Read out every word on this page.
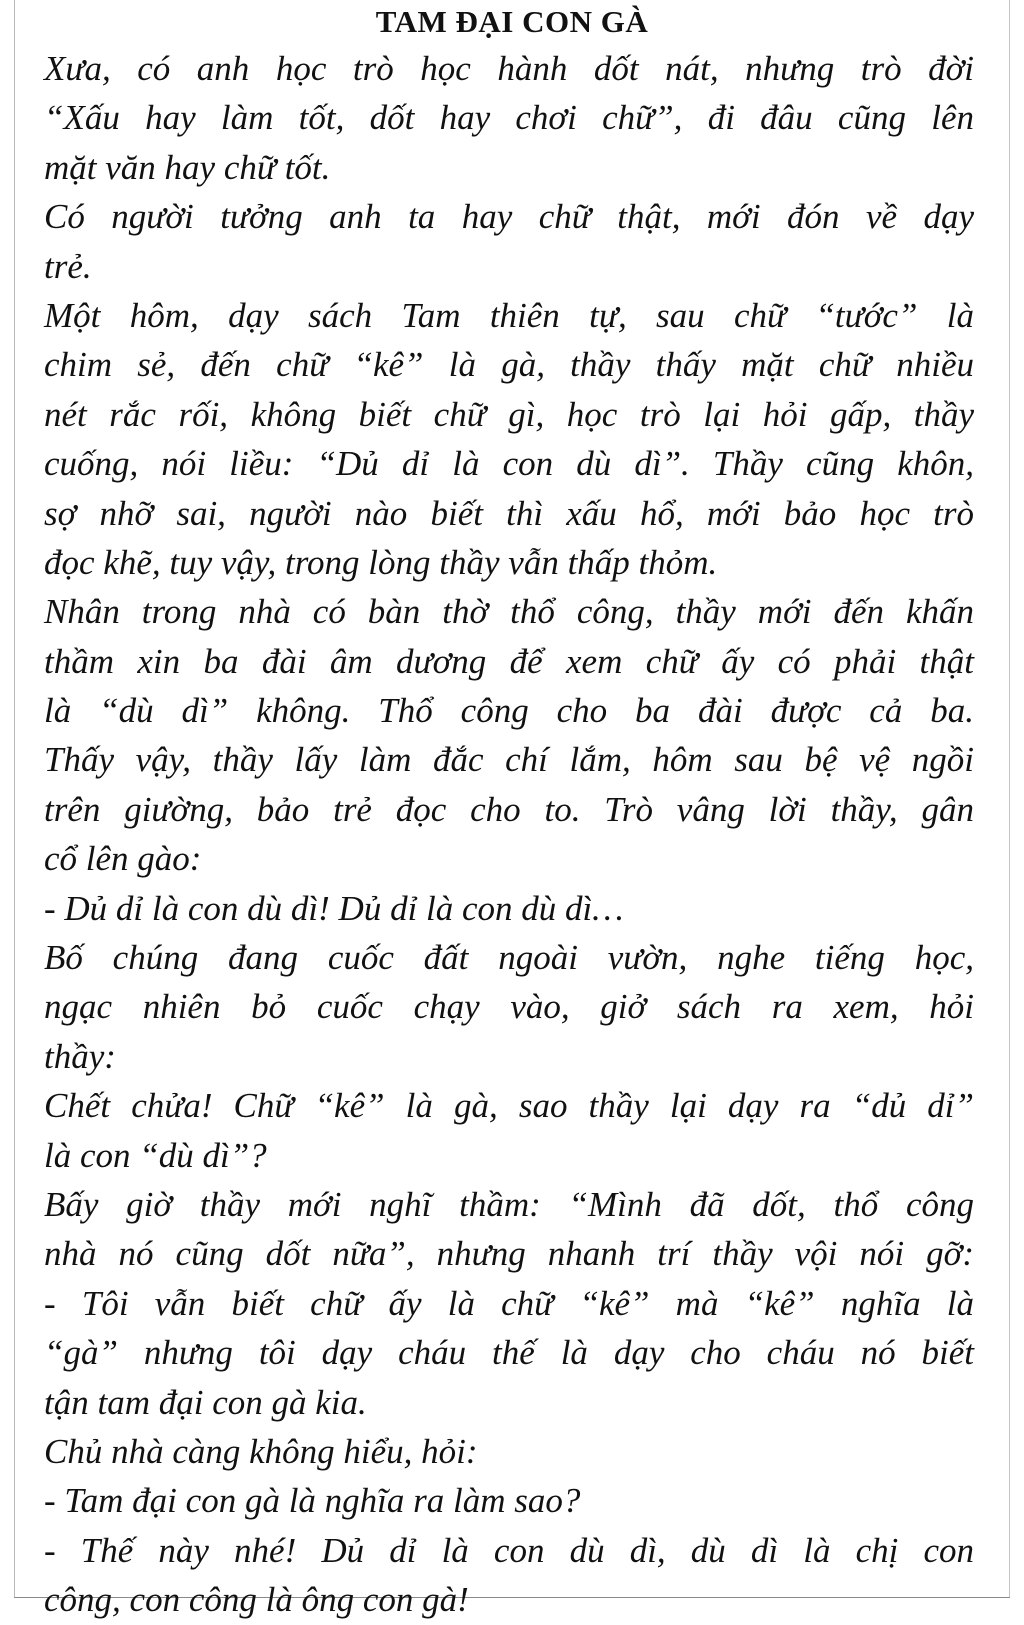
TAM ĐẠI CON GÀ
Xưa, có anh học trò học hành dốt nát, nhưng trò đời
“Xấu hay làm tốt, dốt hay chơi chữ”, đi đâu cũng lên
mặt văn hay chữ tốt.
Có người tưởng anh ta hay chữ thật, mới đón về dạy
trẻ.
Một hôm, dạy sách Tam thiên tự, sau chữ “tước” là
chim sẻ, đến chữ “kê” là gà, thầy thấy mặt chữ nhiều
nét rắc rối, không biết chữ gì, học trò lại hỏi gấp, thầy
cuống, nói liều: “Dủ dỉ là con dù dì”. Thầy cũng khôn,
sợ nhỡ sai, người nào biết thì xấu hổ, mới bảo học trò
đọc khẽ, tuy vậy, trong lòng thầy vẫn thấp thỏm.
Nhân trong nhà có bàn thờ thổ công, thầy mới đến khấn
thầm xin ba đài âm dương để xem chữ ấy có phải thật
là “dù dì” không. Thổ công cho ba đài được cả ba.
Thấy vậy, thầy lấy làm đắc chí lắm, hôm sau bệ vệ ngồi
trên giường, bảo trẻ đọc cho to. Trò vâng lời thầy, gân
cổ lên gào:
- Dủ dỉ là con dù dì! Dủ dỉ là con dù dì…
Bố chúng đang cuốc đất ngoài vườn, nghe tiếng học,
ngạc nhiên bỏ cuốc chạy vào, giở sách ra xem, hỏi
thầy:
Chết chửa! Chữ “kê” là gà, sao thầy lại dạy ra “dủ dỉ”
là con “dù dì”?
Bấy giờ thầy mới nghĩ thầm: “Mình đã dốt, thổ công
nhà nó cũng dốt nữa”, nhưng nhanh trí thầy vội nói gỡ:
- Tôi vẫn biết chữ ấy là chữ “kê” mà “kê” nghĩa là
“gà” nhưng tôi dạy cháu thế là dạy cho cháu nó biết
tận tam đại con gà kia.
Chủ nhà càng không hiểu, hỏi:
- Tam đại con gà là nghĩa ra làm sao?
- Thế này nhé! Dủ dỉ là con dù dì, dù dì là chị con
công, con công là ông con gà!
